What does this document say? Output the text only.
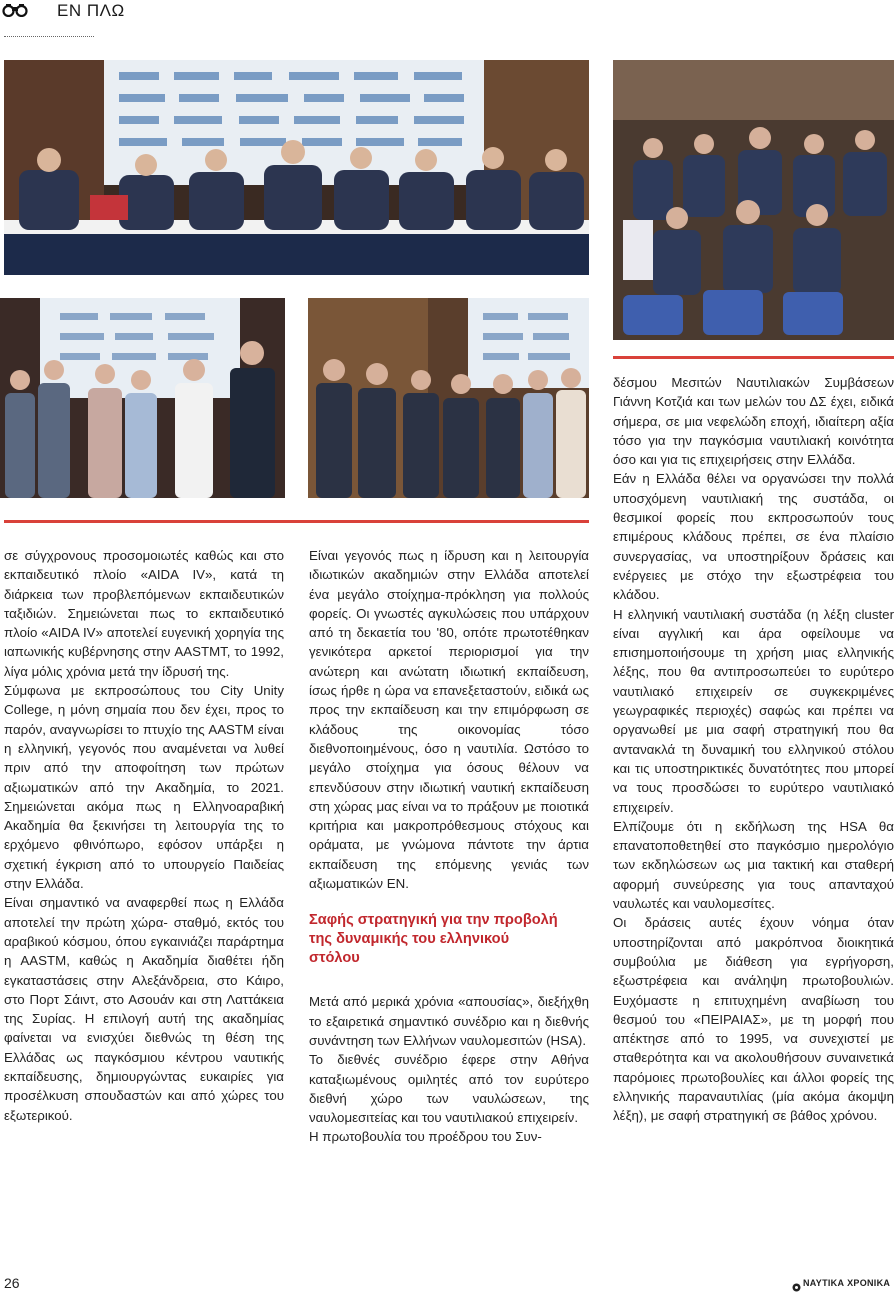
ΕΝ ΠΛΩ

σε σύγχρονους προσομοιωτές καθώς και στο εκπαιδευτικό πλοίο «AIDA IV», κατά τη διάρκεια των προβλεπόμενων εκπαιδευτικών ταξιδιών. Σημειώνεται πως το εκπαιδευτικό πλοίο «AIDA IV» αποτελεί ευγενική χορηγία της ιαπωνικής κυβέρνησης στην AASTMT, το 1992, λίγα μόλις χρόνια μετά την ίδρυσή της.

Σύμφωνα με εκπροσώπους του City Unity College, η μόνη σημαία που δεν έχει, προς το παρόν, αναγνωρίσει το πτυχίο της AASTM είναι η ελληνική, γεγονός που αναμένεται να λυθεί πριν από την αποφοίτηση των πρώτων αξιωματικών από την Ακαδημία, το 2021. Σημειώνεται ακόμα πως η Ελληνοαραβική Ακαδημία θα ξεκινήσει τη λειτουργία της το ερχόμενο φθινόπωρο, εφόσον υπάρξει η σχετική έγκριση από το υπουργείο Παιδείας στην Ελλάδα.

Είναι σημαντικό να αναφερθεί πως η Ελλάδα αποτελεί την πρώτη χώρα- σταθμό, εκτός του αραβικού κόσμου, όπου εγκαινιάζει παράρτημα η AASTM, καθώς η Ακαδημία διαθέτει ήδη εγκαταστάσεις στην Αλεξάνδρεια, στο Κάιρο, στο Πορτ Σάιντ, στο Ασουάν και στη Λαττάκεια της Συρίας. Η επιλογή αυτή της ακαδημίας φαίνεται να ενισχύει διεθνώς τη θέση της Ελλάδας ως παγκόσμιου κέντρου ναυτικής εκπαίδευσης, δημιουργώντας ευκαιρίες για προσέλκυση σπουδαστών και από χώρες του εξωτερικού.

Είναι γεγονός πως η ίδρυση και η λειτουργία ιδιωτικών ακαδημιών στην Ελλάδα αποτελεί ένα μεγάλο στοίχημα-πρόκληση για πολλούς φορείς. Οι γνωστές αγκυλώσεις που υπάρχουν από τη δεκαετία του '80, οπότε πρωτοτέθηκαν γενικότερα αρκετοί περιορισμοί για την ανώτερη και ανώτατη ιδιωτική εκπαίδευση, ίσως ήρθε η ώρα να επανεξεταστούν, ειδικά ως προς την εκπαίδευση και την επιμόρφωση σε κλάδους της οικονομίας τόσο διεθνοποιημένους, όσο η ναυτιλία. Ωστόσο το μεγάλο στοίχημα για όσους θέλουν να επενδύσουν στην ιδιωτική ναυτική εκπαίδευση στη χώρας μας είναι να το πράξουν με ποιοτικά κριτήρια και μακροπρόθεσμους στόχους και οράματα, με γνώμονα πάντοτε την άρτια εκπαίδευση της επόμενης γενιάς των αξιωματικών ΕΝ.

Σαφής στρατηγική για την προβολή της δυναμικής του ελληνικού στόλου

Μετά από μερικά χρόνια «απουσίας», διεξήχθη το εξαιρετικά σημαντικό συνέδριο και η διεθνής συνάντηση των Ελλήνων ναυλομεσιτών (HSA).

Το διεθνές συνέδριο έφερε στην Αθήνα καταξιωμένους ομιλητές από τον ευρύτερο διεθνή χώρο των ναυλώσεων, της ναυλομεσιτείας και του ναυτιλιακού επιχειρείν.

Η πρωτοβουλία του προέδρου του Συν-

δέσμου Μεσιτών Ναυτιλιακών Συμβάσεων Γιάννη Κοτζιά και των μελών του ΔΣ έχει, ειδικά σήμερα, σε μια νεφελώδη εποχή, ιδιαίτερη αξία τόσο για την παγκόσμια ναυτιλιακή κοινότητα όσο και για τις επιχειρήσεις στην Ελλάδα.

Εάν η Ελλάδα θέλει να οργανώσει την πολλά υποσχόμενη ναυτιλιακή της συστάδα, οι θεσμικοί φορείς που εκπροσωπούν τους επιμέρους κλάδους πρέπει, σε ένα πλαίσιο συνεργασίας, να υποστηρίξουν δράσεις και ενέργειες με στόχο την εξωστρέφεια του κλάδου.

Η ελληνική ναυτιλιακή συστάδα (η λέξη cluster είναι αγγλική και άρα οφείλουμε να επισημοποιήσουμε τη χρήση μιας ελληνικής λέξης, που θα αντιπροσωπεύει το ευρύτερο ναυτιλιακό επιχειρείν σε συγκεκριμένες γεωγραφικές περιοχές) σαφώς και πρέπει να οργανωθεί με μια σαφή στρατηγική που θα αντανακλά τη δυναμική του ελληνικού στόλου και τις υποστηρικτικές δυνατότητες που μπορεί να τους προσδώσει το ευρύτερο ναυτιλιακό επιχειρείν.

Ελπίζουμε ότι η εκδήλωση της HSA θα επανατοποθετηθεί στο παγκόσμιο ημερολόγιο των εκδηλώσεων ως μια τακτική και σταθερή αφορμή συνεύρεσης για τους απανταχού ναυλωτές και ναυλομεσίτες.

Οι δράσεις αυτές έχουν νόημα όταν υποστηρίζονται από μακρόπνοα διοικητικά συμβούλια με διάθεση για εγρήγορση, εξωστρέφεια και ανάληψη πρωτοβουλιών. Ευχόμαστε η επιτυχημένη αναβίωση του θεσμού του «ΠΕΙΡΑΙΑΣ», με τη μορφή που απέκτησε από το 1995, να συνεχιστεί με σταθερότητα και να ακολουθήσουν συναινετικά παρόμοιες πρωτοβουλίες και άλλοι φορείς της ελληνικής παραναυτιλίας (μία ακόμα άκομψη λέξη), με σαφή στρατηγική σε βάθος χρόνου.

26	ΝΑΥΤΙΚΑ ΧΡΟΝΙΚΑ
